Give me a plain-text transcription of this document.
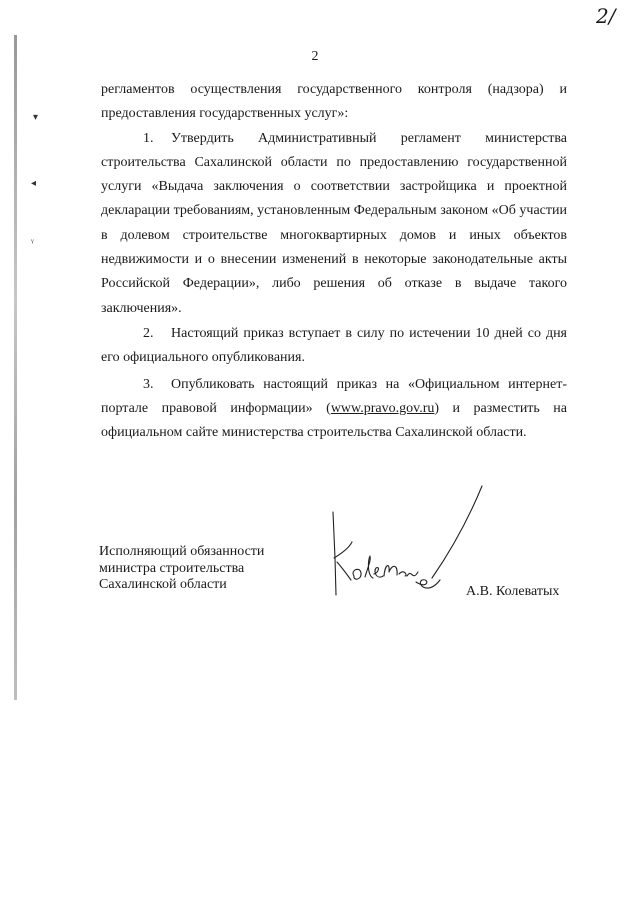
▾
◂
ᵞ
2/
2

регламентов осуществления государственного контроля (надзора) и предоставления государственных услуг»:

1. Утвердить Административный регламент министерства строительства Сахалинской области по предоставлению государственной услуги «Выдача заключения о соответствии застройщика и проектной декларации требованиям, установленным Федеральным законом «Об участии в долевом строительстве многоквартирных домов и иных объектов недвижимости и о внесении изменений в некоторые законодательные акты Российской Федерации», либо решения об отказе в выдаче такого заключения».

2. Настоящий приказ вступает в силу по истечении 10 дней со дня его официального опубликования.

3. Опубликовать настоящий приказ на «Официальном интернет-портале правовой информации» (www.pravo.gov.ru) и разместить на официальном сайте министерства строительства Сахалинской области.

Исполняющий обязанности
министра строительства
Сахалинской области	А.В. Колеватых
